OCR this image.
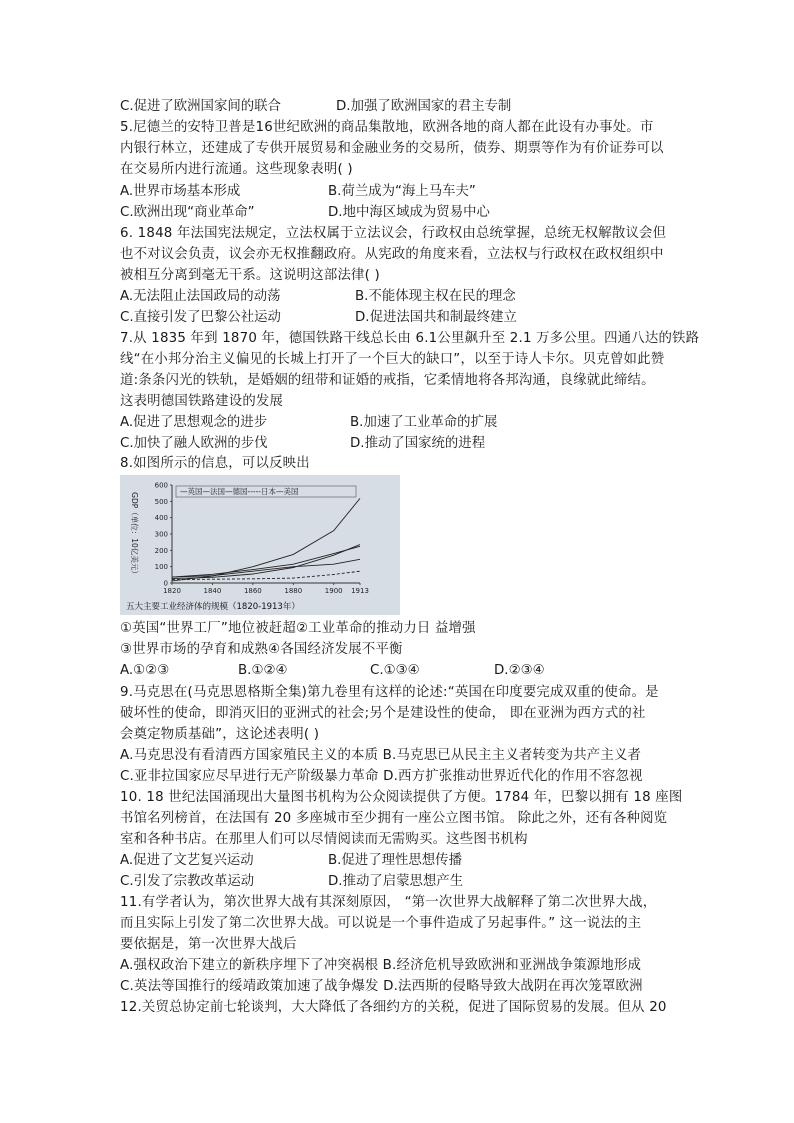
C.促进了欧洲国家间的联合	D.加强了欧洲国家的君主专制
5.尼德兰的安特卫普是16世纪欧洲的商品集散地，欧洲各地的商人都在此设有办事处。市
内银行林立，还建成了专供开展贸易和金融业务的交易所，债券、期票等作为有价证券可以
在交易所内进行流通。这些现象表明( )
A.世界市场基本形成	B.荷兰成为“海上马车夫”
C.欧洲出现“商业革命”	D.地中海区域成为贸易中心
6. 1848 年法国宪法规定，立法权属于立法议会，行政权由总统掌握，总统无权解散议会但
也不对议会负责，议会亦无权推翻政府。从宪政的角度来看，立法权与行政权在政权组织中
被相互分离到毫无干系。这说明这部法律( )
A.无法阻止法国政局的动荡	B.不能体现主权在民的理念
C.直接引发了巴黎公社运动	D.促进法国共和制最终建立
7.从 1835 年到 1870 年，德国铁路干线总长由 6.1公里飙升至 2.1 万多公里。四通八达的铁路
线“在小邦分治主义偏见的长城上打开了一个巨大的缺口”，以至于诗人卡尔。贝克曾如此赞
道:条条闪光的铁轨，是婚姻的纽带和证婚的戒指，它柔情地将各邦沟通，良缘就此缔结。
这表明德国铁路建设的发展
A.促进了思想观念的进步	B.加速了工业革命的扩展
C.加快了融人欧洲的步伐	D.推动了国家统的进程
8.如图所示的信息，可以反映出
0
100
200
300
400
500
600
1820	1840	1860	1880	1900 1913
GDP（单位：10亿美元）
—英国—法国—德国-----日本—美国
五大主要工业经济体的规模（1820-1913年）
①英国“世界工厂”地位被赶超②工业革命的推动力日 益增强
③世界市场的孕育和成熟④各国经济发展不平衡
A.①②③	B.①②④	C.①③④	D.②③④
9.马克思在(马克思恩格斯全集)第九卷里有这样的论述:“英国在印度要完成双重的使命。是
破坏性的使命，即消灭旧的亚洲式的社会;另个是建设性的使命， 即在亚洲为西方式的社
会奠定物质基础”，这论述表明( )
A.马克思没有看清西方国家殖民主义的本质 B.马克思已从民主主义者转变为共产主义者
C.亚非拉国家应尽早进行无产阶级暴力革命 D.西方扩张推动世界近代化的作用不容忽视
10. 18 世纪法国涌现出大量图书机构为公众阅读提供了方便。1784 年，巴黎以拥有 18 座图
书馆名列榜首，在法国有 20 多座城市至少拥有一座公立图书馆。 除此之外，还有各种阅览
室和各种书店。在那里人们可以尽情阅读而无需购买。这些图书机构
A.促进了文艺复兴运动	B.促进了理性思想传播
C.引发了宗教改革运动	D.推动了启蒙思想产生
11.有学者认为，第次世界大战有其深刻原因， “第一次世界大战解释了第二次世界大战，
而且实际上引发了第二次世界大战。可以说是一个事件造成了另起事件。” 这一说法的主
要依据是，第一次世界大战后
A.强权政治下建立的新秩序埋下了冲突祸根 B.经济危机导致欧洲和亚洲战争策源地形成
C.英法等国推行的绥靖政策加速了战争爆发 D.法西斯的侵略导致大战阴在再次笼罩欧洲
12.关贸总协定前七轮谈判，大大降低了各细约方的关税，促进了国际贸易的发展。但从 20
